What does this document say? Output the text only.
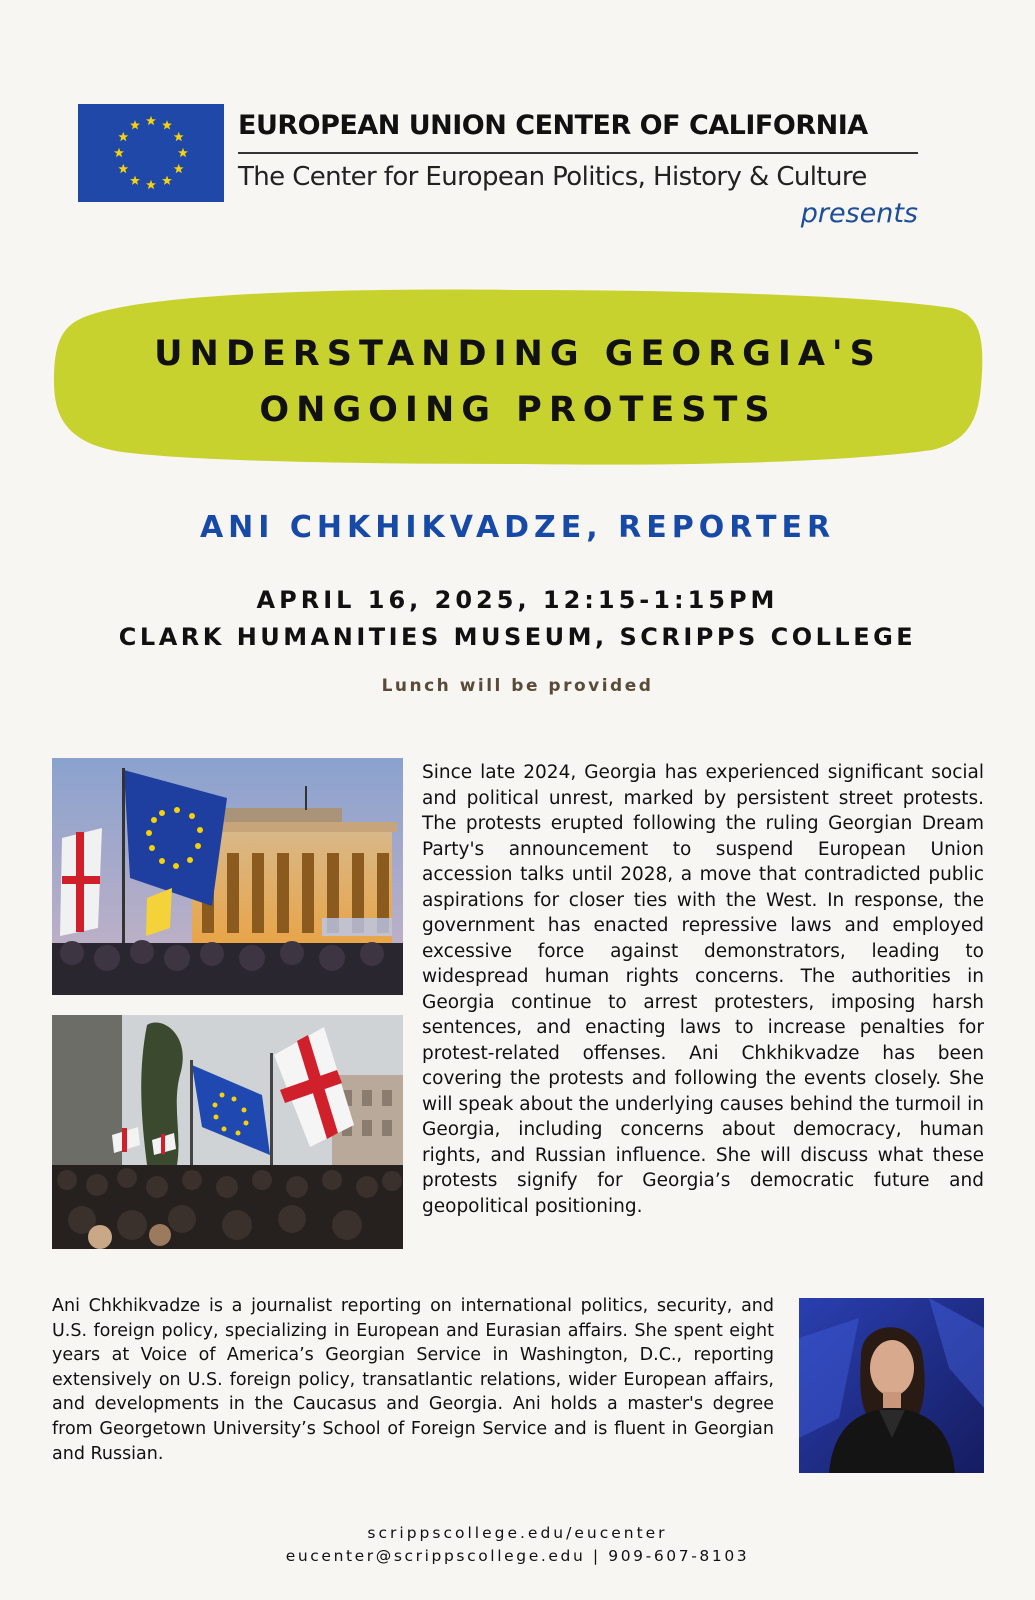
EUROPEAN UNION CENTER OF CALIFORNIA
The Center for European Politics, History & Culture
presents
UNDERSTANDING GEORGIA'S
ONGOING PROTESTS
ANI CHKHIKVADZE, REPORTER
APRIL 16, 2025, 12:15-1:15PM
CLARK HUMANITIES MUSEUM, SCRIPPS COLLEGE
Lunch will be provided
Since late 2024, Georgia has experienced significant social and political unrest, marked by persistent street protests. The protests erupted following the ruling Georgian Dream Party's announcement to suspend European Union accession talks until 2028, a move that contradicted public aspirations for closer ties with the West. In response, the government has enacted repressive laws and employed excessive force against demonstrators, leading to widespread human rights concerns. The authorities in Georgia continue to arrest protesters, imposing harsh sentences, and enacting laws to increase penalties for protest-related offenses. Ani Chkhikvadze has been covering the protests and following the events closely. She will speak about the underlying causes behind the turmoil in Georgia, including concerns about democracy, human rights, and Russian influence. She will discuss what these protests signify for Georgia’s democratic future and geopolitical positioning.
Ani Chkhikvadze is a journalist reporting on international politics, security, and U.S. foreign policy, specializing in European and Eurasian affairs. She spent eight years at Voice of America’s Georgian Service in Washington, D.C., reporting extensively on U.S. foreign policy, transatlantic relations, wider European affairs, and developments in the Caucasus and Georgia. Ani holds a master's degree from Georgetown University’s School of Foreign Service and is fluent in Georgian and Russian.
scrippscollege.edu/eucenter
eucenter@scrippscollege.edu | 909-607-8103
